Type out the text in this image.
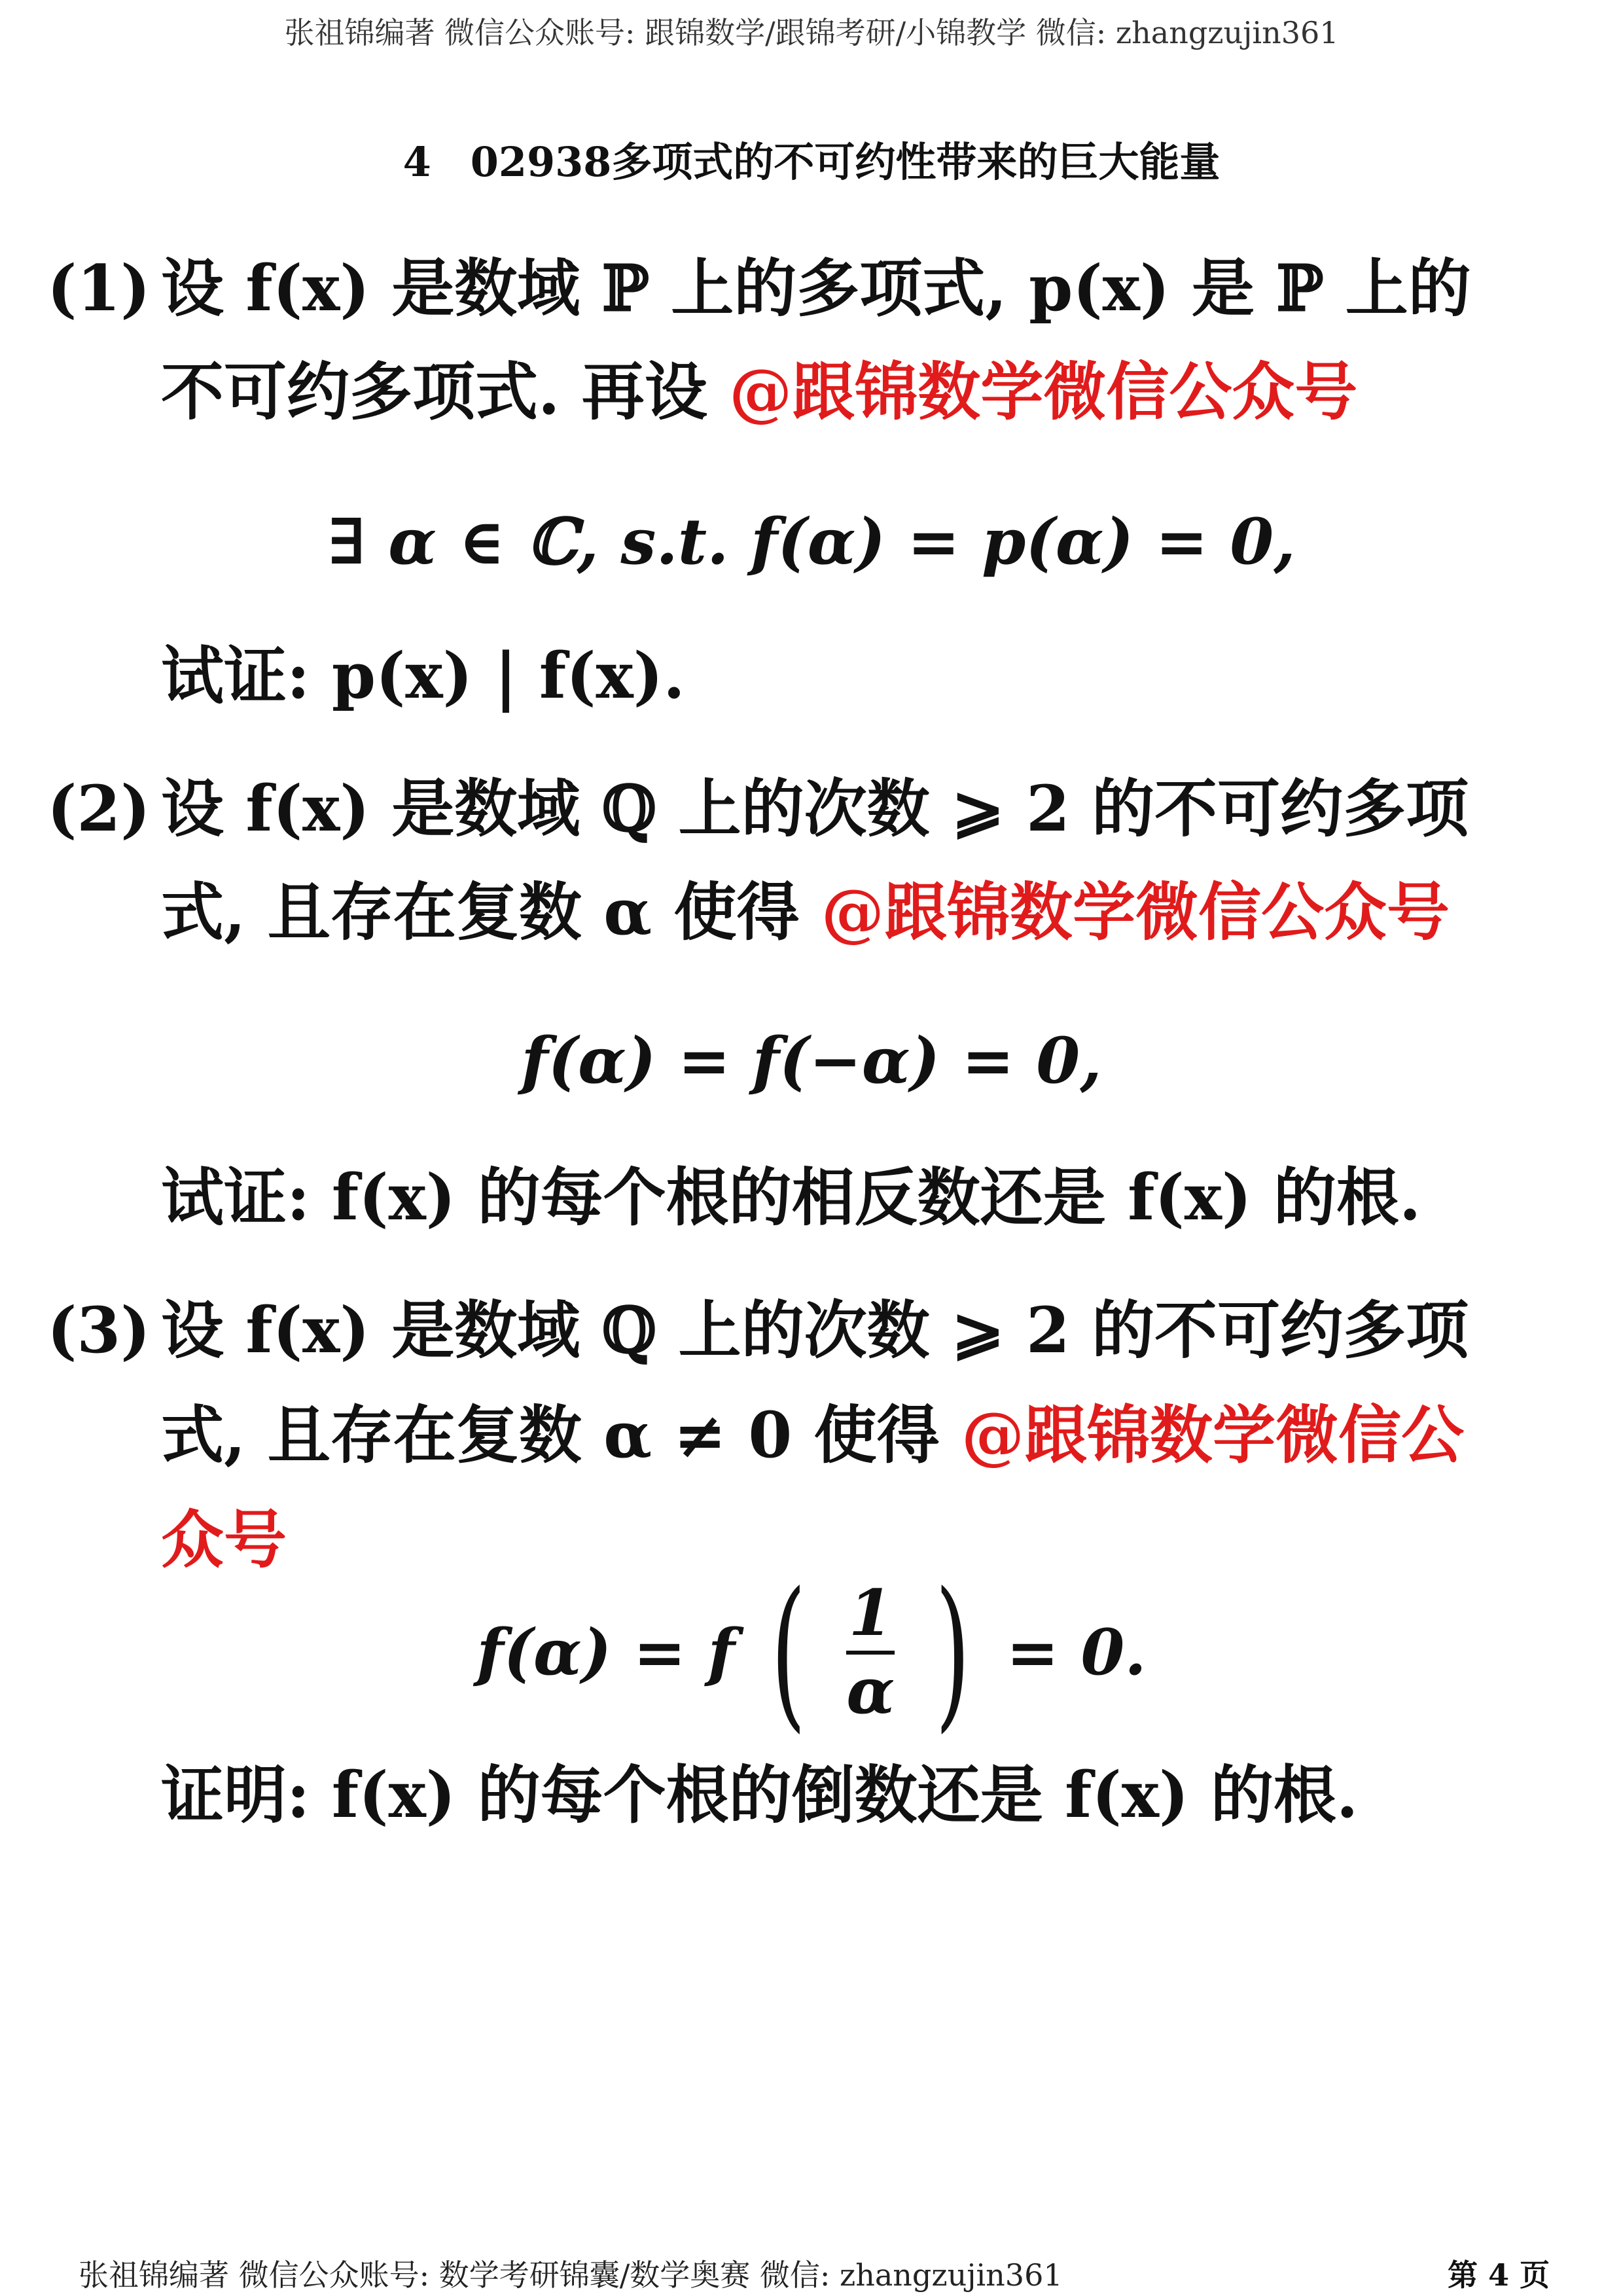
张祖锦编著 微信公众账号: 跟锦数学/跟锦考研/小锦教学 微信: zhangzujin361
4 02938多项式的不可约性带来的巨大能量
(1) 设 f(x) 是数域 ℙ 上的多项式, p(x) 是 ℙ 上的
不可约多项式. 再设 @跟锦数学微信公众号
∃ α ∈ ℂ, s.t. f(α) = p(α) = 0,
试证: p(x) | f(x).
(2) 设 f(x) 是数域 ℚ 上的次数 ⩾ 2 的不可约多项
式, 且存在复数 α 使得 @跟锦数学微信公众号
f(α) = f(−α) = 0,
试证: f(x) 的每个根的相反数还是 f(x) 的根.
(3) 设 f(x) 是数域 ℚ 上的次数 ⩾ 2 的不可约多项
式, 且存在复数 α ≠ 0 使得 @跟锦数学微信公
众号
f(α) = f ( 1
α ) = 0.
证明: f(x) 的每个根的倒数还是 f(x) 的根.
张祖锦编著 微信公众账号: 数学考研锦囊/数学奥赛 微信: zhangzujin361	第 4 页
